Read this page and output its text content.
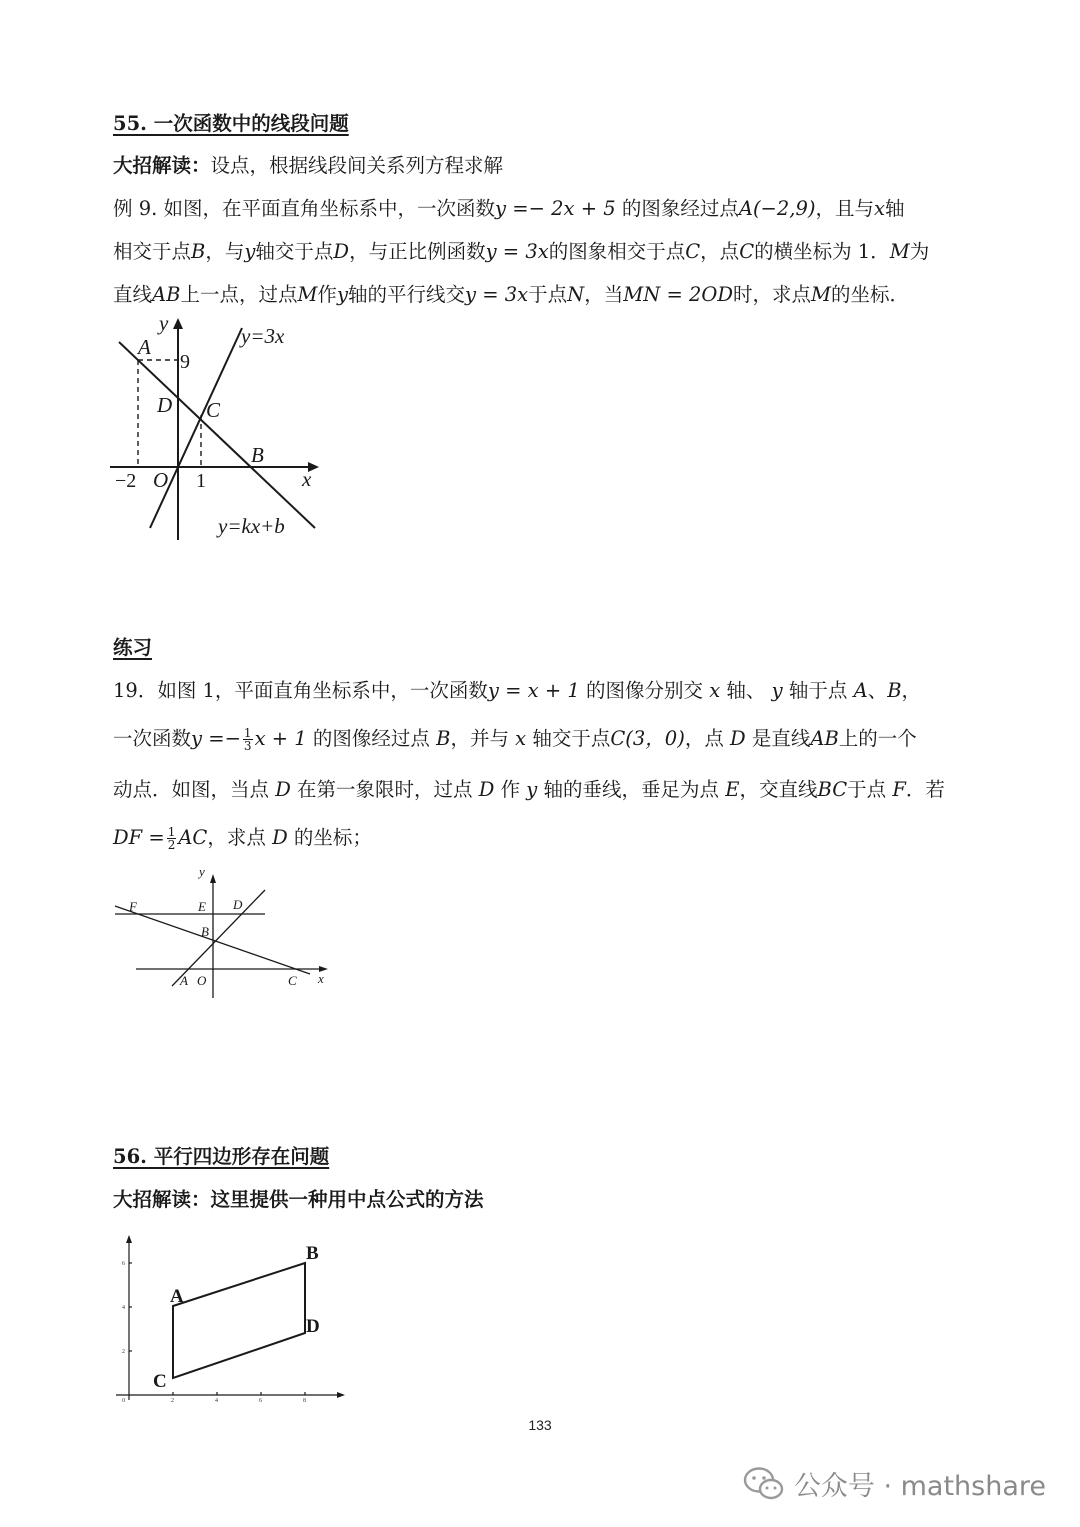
55. 一次函数中的线段问题
大招解读：设点，根据线段间关系列方程求解
例 9. 如图，在平面直角坐标系中，一次函数y =− 2x + 5 的图象经过点A(−2,9)，且与x轴
相交于点B，与y轴交于点D，与正比例函数y = 3x的图象相交于点C，点C的横坐标为 1．M为
直线AB上一点，过点M作y轴的平行线交y = 3x于点N，当MN = 2OD时，求点M的坐标．
y
x
A
D C
B
O
y=3x
y=kx+b
9
−2	1
练习
19．如图 1，平面直角坐标系中，一次函数y = x + 1 的图像分别交 x 轴、 y 轴于点 A、B，
一次函数$y =- \frac{1}{3}$ x + 1 的图像经过点 B，并与 x 轴交于点C(3，0)，点 D 是直线AB上的一个
动点．如图，当点 D 在第一象限时，过点 D 作 y 轴的垂线，垂足为点 E，交直线BC于点 F．若
DF = $\frac{1}{2}$ AC，求点 D 的坐标；
y
x
F	E D
B
A O	C
56. 平行四边形存在问题
大招解读：这里提供一种用中点公式的方法
A
B
D
C
6
4
2
0	2	4	6	8
133
公众号 · mathshare
